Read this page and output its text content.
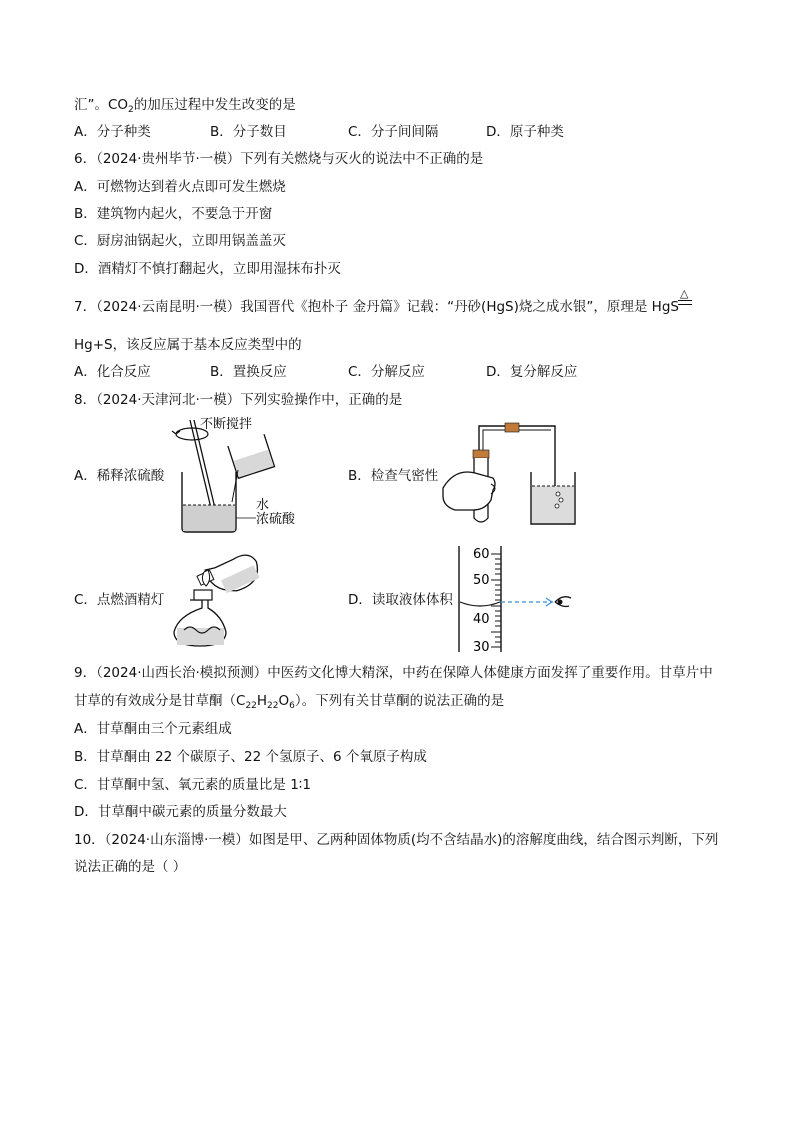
汇”。$CO_2$的加压过程中发生改变的是
A．分子种类	B．分子数目	C．分子间间隔	D．原子种类
6．（2024·贵州毕节·一模）下列有关燃烧与灭火的说法中不正确的是
A．可燃物达到着火点即可发生燃烧
B．建筑物内起火，不要急于开窗
C．厨房油锅起火，立即用锅盖盖灭
D．酒精灯不慎打翻起火，立即用湿抹布扑灭
7．（2024·云南昆明·一模）我国晋代《抱朴子 金丹篇》记载：“丹砂(HgS)烧之成水银”，原理是 HgS
△
Hg+S，该反应属于基本反应类型中的
A．化合反应	B．置换反应	C．分解反应	D．复分解反应
8．（2024·天津河北·一模）下列实验操作中，正确的是
A．稀释浓硫酸	B．检查气密性
C．点燃酒精灯	D．读取液体体积
水
浓硫酸
不断搅拌
60
50
40
30
9．（2024·山西长治·模拟预测）中医药文化博大精深，中药在保障人体健康方面发挥了重要作用。甘草片中
甘草的有效成分是甘草酮$(C_{22}H_{22}O_6)$。下列有关甘草酮的说法正确的是
A．甘草酮由三个元素组成
B．甘草酮由 22 个碳原子、22 个氢原子、6 个氧原子构成
C．甘草酮中氢、氧元素的质量比是 1∶1
D．甘草酮中碳元素的质量分数最大
10．（2024·山东淄博·一模）如图是甲、乙两种固体物质(均不含结晶水)的溶解度曲线，结合图示判断，下列
说法正确的是（ ）
